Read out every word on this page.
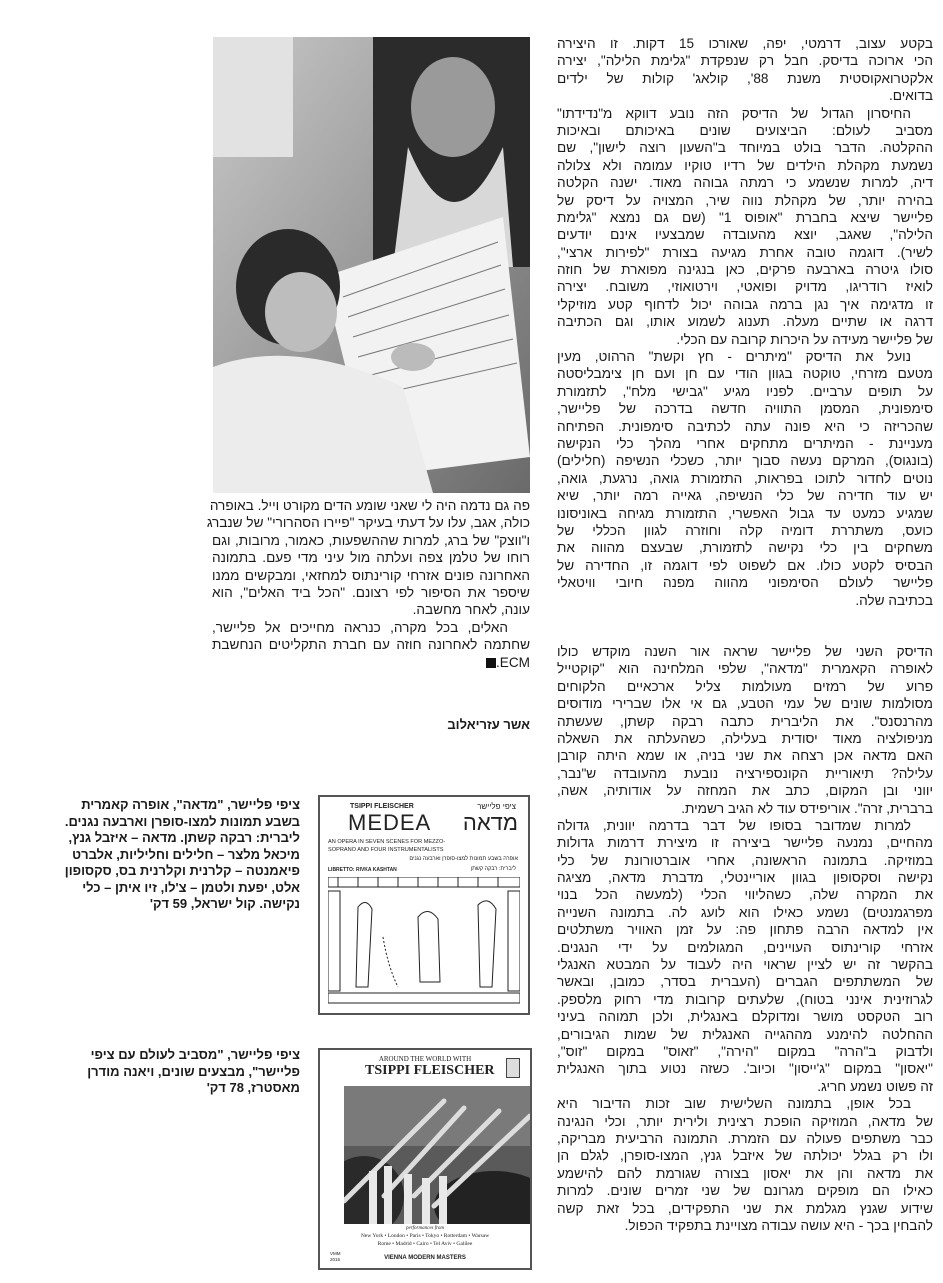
בקטע עצוב, דרמטי, יפה, שאורכו 15 דקות. זו היצירה
הכי ארוכה בדיסק. חבל רק שנפקדת "גלימת הלילה", יצירה
אלקטרואקוסטית משנת 88', קולאג' קולות של ילדים
בדואים.
החיסרון הגדול של הדיסק הזה נובע דווקא מ"נדידתו"
מסביב לעולם: הביצועים שונים באיכותם ובאיכות
ההקלטה. הדבר בולט במיוחד ב"השעון רוצה לישון", שם
נשמעת מקהלת הילדים של רדיו טוקיו עמומה ולא צלולה
דיה, למרות שנשמע כי רמתה גבוהה מאוד. ישנה הקלטה
בהירה יותר, של מקהלת נווה שיר, המצויה על דיסק של
פליישר שיצא בחברת "אופוס 1" (שם גם נמצא "גלימת
הלילה", שאגב, יוצא מהעובדה שמבצעיו אינם יודעים
לשיר). דוגמה טובה אחרת מגיעה בצורת "לפירות ארצי",
סולו גיטרה בארבעה פרקים, כאן בנגינה מפוארת של חוזה
לואיז רודריגו, מדויק ופואטי, וירטואוזי, משובח. יצירה
זו מדגימה איך נגן ברמה גבוהה יכול לדחוף קטע מוזיקלי
דרגה או שתיים מעלה. תענוג לשמוע אותו, וגם הכתיבה
של פליישר מעידה על היכרות קרובה עם הכלי.
נועל את הדיסק "מיתרים - חץ וקשת" הרהוט, מעין
מטעם מזרחי, טוקטה בגוון הודי עם חן ועם חן צימבליסטה
על תופים ערביים. לפניו מגיע "גבישי מלח", לתזמורת
סימפונית, המסמן התוויה חדשה בדרכה של פליישר,
שהכריזה כי היא פונה עתה לכתיבה סימפונית. הפתיחה
מעניינת - המיתרים מתחקים אחרי מהלך כלי הנקישה
(בונגוס), המרקם נעשה סבוך יותר, כשכלי הנשיפה (חלילים)
נוטים לחדור לתוכו בפראות, התזמורת גואה, נרגעת, גואה,
יש עוד חדירה של כלי הנשיפה, גאייה רמה יותר, שיא
שמגיע כמעט עד גבול האפשרי, התזמורת מגיחה באוניסונו
כועס, משתררת דומיה קלה וחוזרה לגוון הכללי של
משחקים בין כלי נקישה לתזמורת, שבעצם מהווה את
הבסיס לקטע כולו. אם לשפוט לפי דוגמה זו, החדירה של
פליישר לעולם הסימפוני מהווה מפנה חיובי וויטאלי
בכתיבה שלה.
הדיסק השני של פליישר שראה אור השנה מוקדש כולו
לאופרה הקאמרית "מדאה", שלפי המלחינה הוא "קוקטייל
פרוע של רמזים מעולמות צליל ארכאיים הלקוחים
מסולמות שונים של עמי הטבע, גם אי אלו שברירי מודוסים
מהרנסנס". את הליברית כתבה רבקה קשתן, שעשתה
מניפולציה מאוד יסודית בעלילה, כשהעלתה את השאלה
האם מדאה אכן רצחה את שני בניה, או שמא היתה קורבן
עלילה? תיאוריית הקונספירציה נובעת מהעובדה ש"נבר,
יווני ובן המקום, כתב את המחזה על אודותיה, אשה,
ברברית, זרה". אוריפידס עוד לא הגיב רשמית.
למרות שמדובר בסופו של דבר בדרמה יוונית, גדולה
מהחיים, נמנעה פליישר ביצירה זו מיצירת דרמות גדולות
במוזיקה. בתמונה הראשונה, אחרי אוברטורונת של כלי
נקישה וסקסופון בגוון אוריינטלי, מדברת מדאה, מציגה
את המקרה שלה, כשהליווי הכלי (למעשה הכל בנוי
מפרגמנטים) נשמע כאילו הוא לועג לה. בתמונה השנייה
אין למדאה הרבה פתחון פה: על זמן האוויר משתלטים
אזרחי קורינתוס העויינים, המגולמים על ידי הנגנים.
בהקשר זה יש לציין שראוי היה לעבוד על המבטא האנגלי
של המשתתפים הגברים (העברית בסדר, כמובן, ובאשר
לגרוזינית אינני בטוח), שלעתים קרובות מדי רחוק מלספק.
רוב הטקסט מושר ומדוקלם באנגלית, ולכן תמוהה בעיני
ההחלטה להימנע מההגייה האנגלית של שמות הגיבורים,
ולדבוק ב"הרה" במקום "הירה", "זאוס" במקום "זוס",
"יאסון" במקום "ג'ייסון" וכיוב'. כשזה נטוע בתוך האנגלית
זה פשוט נשמע חריג.
בכל אופן, בתמונה השלישית שוב זכות הדיבור היא
של מדאה, המוזיקה הופכת רצינית ולירית יותר, וכלי הנגינה
כבר משתפים פעולה עם הזמרת. התמונה הרביעית מבריקה,
ולו רק בגלל יכולתה של איזבל גנץ, המצו-סופרן, לגלם הן
את מדאה והן את יאסון בצורה שגורמת להם להישמע
כאילו הם מופקים מגרונם של שני זמרים שונים. למרות
שידוע שגנץ מגלמת את שני התפקידים, בכל זאת קשה
להבחין בכך - היא עושה עבודה מצויינת בתפקיד הכפול.
פה גם נדמה היה לי שאני שומע הדים מקורט וייל. באופרה
כולה, אגב, עלו על דעתי בעיקר "פיירו הסהרורי" של שנברג
ו"ווצק" של ברג, למרות שההשפעות, כאמור, מרובות, וגם
רוחו של טלמן צפה ועלתה מול עיני מדי פעם. בתמונה
האחרונה פונים אזרחי קורינתוס למחזאי, ומבקשים ממנו
שיספר את הסיפור לפי רצונם. "הכל ביד האלים", הוא
עונה, לאחר מחשבה.
האלים, בכל מקרה, כנראה מחייכים אל פליישר,
שחתמה לאחרונה חוזה עם חברת התקליטים הנחשבת
ECM.
אשר עזריאלוב
ציפי פליישר, "מדאה", אופרה קאמרית
בשבע תמונות למצו-סופרן וארבעה נגנים.
ליברית: רבקה קשתן. מדאה – איזבל גנץ,
מיכאל מלצר – חלילים וחליליות, אלברט
פיאמנטה – קלרנית וקלרנית בס, סקסופון
אלט, יפעת ולטמן – צ'לו, זיו איתן – כלי
נקישה. קול ישראל, 59 דק'
ציפי פליישר, "מסביב לעולם עם ציפי
פליישר", מבצעים שונים, ויאנה מודרן
מאסטרז, 78 דק'
TSIPPI FLEISCHER	ציפי פליישר
MEDEA מדאה
AN OPERA IN SEVEN SCENES FOR MEZZO-
SOPRANO AND FOUR INSTRUMENTALISTS
אופרה בשבע תמונות למצו-סופרן וארבעה נגנים
LIBRETTO: RIVKA KASHTAN	ליברית: רבקה קשתן
AROUND THE WORLD WITH
TSIPPI FLEISCHER
performances from
New York • London • Paris • Tokyo • Rotterdam • Warsaw
Rome • Madrid • Cairo • Tel Aviv • Galilee
VMM
2015	VIENNA MODERN MASTERS
